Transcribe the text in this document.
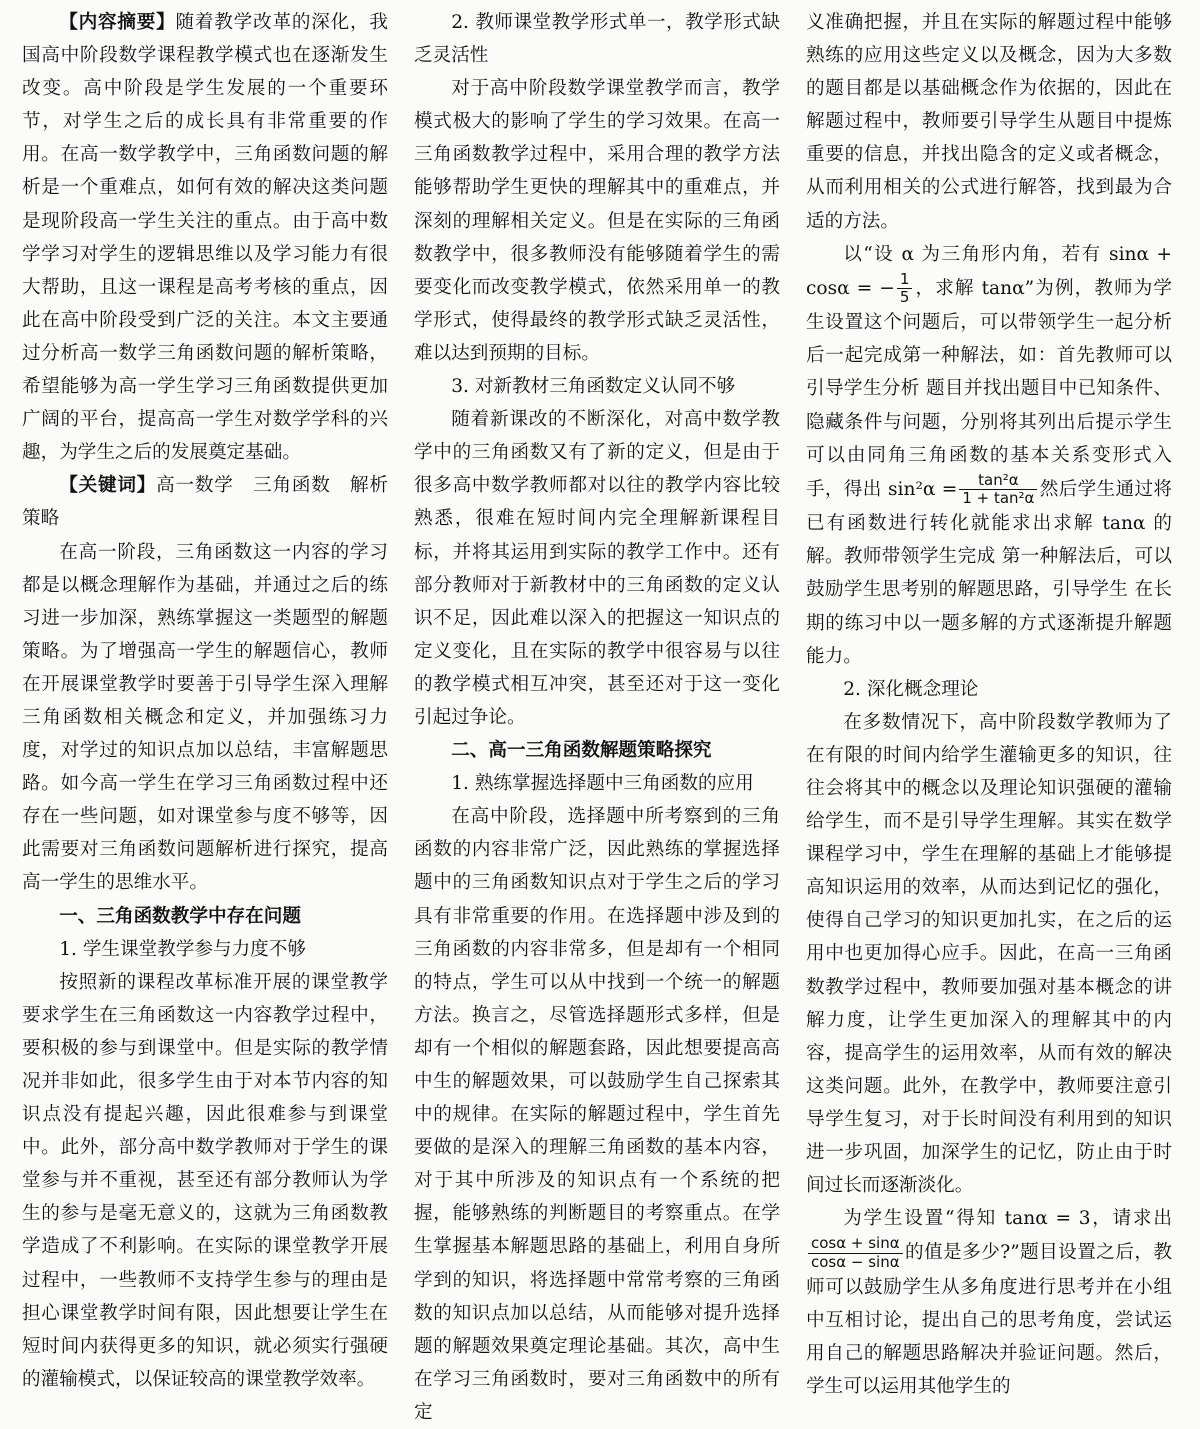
【内容摘要】随着教学改革的深化，我国高中阶段数学课程教学模式也在逐渐发生改变。高中阶段是学生发展的一个重要环节，对学生之后的成长具有非常重要的作用。在高一数学教学中，三角函数问题的解析是一个重难点，如何有效的解决这类问题是现阶段高一学生关注的重点。由于高中数学学习对学生的逻辑思维以及学习能力有很大帮助，且这一课程是高考考核的重点，因此在高中阶段受到广泛的关注。本文主要通过分析高一数学三角函数问题的解析策略，希望能够为高一学生学习三角函数提供更加广阔的平台，提高高一学生对数学学科的兴趣，为学生之后的发展奠定基础。

【关键词】高一数学　三角函数　解析策略

在高一阶段，三角函数这一内容的学习都是以概念理解作为基础，并通过之后的练习进一步加深，熟练掌握这一类题型的解题策略。为了增强高一学生的解题信心，教师在开展课堂教学时要善于引导学生深入理解三角函数相关概念和定义，并加强练习力度，对学过的知识点加以总结，丰富解题思路。如今高一学生在学习三角函数过程中还存在一些问题，如对课堂参与度不够等，因此需要对三角函数问题解析进行探究，提高高一学生的思维水平。

一、三角函数教学中存在问题

1. 学生课堂教学参与力度不够

按照新的课程改革标准开展的课堂教学要求学生在三角函数这一内容教学过程中，要积极的参与到课堂中。但是实际的教学情况并非如此，很多学生由于对本节内容的知识点没有提起兴趣，因此很难参与到课堂中。此外，部分高中数学教师对于学生的课堂参与并不重视，甚至还有部分教师认为学生的参与是毫无意义的，这就为三角函数教学造成了不利影响。在实际的课堂教学开展过程中，一些教师不支持学生参与的理由是担心课堂教学时间有限，因此想要让学生在短时间内获得更多的知识，就必须实行强硬的灌输模式，以保证较高的课堂教学效率。

2. 教师课堂教学形式单一，教学形式缺乏灵活性

对于高中阶段数学课堂教学而言，教学模式极大的影响了学生的学习效果。在高一三角函数教学过程中，采用合理的教学方法能够帮助学生更快的理解其中的重难点，并深刻的理解相关定义。但是在实际的三角函数教学中，很多教师没有能够随着学生的需要变化而改变教学模式，依然采用单一的教学形式，使得最终的教学形式缺乏灵活性，难以达到预期的目标。

3. 对新教材三角函数定义认同不够

随着新课改的不断深化，对高中数学教学中的三角函数又有了新的定义，但是由于很多高中数学教师都对以往的教学内容比较熟悉，很难在短时间内完全理解新课程目标，并将其运用到实际的教学工作中。还有部分教师对于新教材中的三角函数的定义认识不足，因此难以深入的把握这一知识点的定义变化，且在实际的教学中很容易与以往的教学模式相互冲突，甚至还对于这一变化引起过争论。

二、高一三角函数解题策略探究

1. 熟练掌握选择题中三角函数的应用

在高中阶段，选择题中所考察到的三角函数的内容非常广泛，因此熟练的掌握选择题中的三角函数知识点对于学生之后的学习具有非常重要的作用。在选择题中涉及到的三角函数的内容非常多，但是却有一个相同的特点，学生可以从中找到一个统一的解题方法。换言之，尽管选择题形式多样，但是却有一个相似的解题套路，因此想要提高高中生的解题效果，可以鼓励学生自己探索其中的规律。在实际的解题过程中，学生首先要做的是深入的理解三角函数的基本内容，对于其中所涉及的知识点有一个系统的把握，能够熟练的判断题目的考察重点。在学生掌握基本解题思路的基础上，利用自身所学到的知识，将选择题中常常考察的三角函数的知识点加以总结，从而能够对提升选择题的解题效果奠定理论基础。其次，高中生在学习三角函数时，要对三角函数中的所有定

义准确把握，并且在实际的解题过程中能够熟练的应用这些定义以及概念，因为大多数的题目都是以基础概念作为依据的，因此在解题过程中，教师要引导学生从题目中提炼重要的信息，并找出隐含的定义或者概念，从而利用相关的公式进行解答，找到最为合适的方法。

以“设 α 为三角形内角，若有 sinα + cosα = − $\frac{1}{5}$ ，求解 tanα”为例，教师为学生设置这个问题后，可以带领学生一起分析后一起完成第一种解法，如：首先教师可以引导学生分析 题目并找出题目中已知条件、隐藏条件与问题，分别将其列出后提示学生可以由同角三角函数的基本关系变形式入手，得出 $\sin^2\alpha = \frac{\text{tan²α}}{\text{1 + tan²α}}$ 然后学生通过将已有函数进行转化就能求出求解 tanα 的解。教师带领学生完成 第一种解法后，可以鼓励学生思考别的解题思路，引导学生 在长期的练习中以一题多解的方式逐渐提升解题能力。

2. 深化概念理论

在多数情况下，高中阶段数学教师为了在有限的时间内给学生灌输更多的知识，往往会将其中的概念以及理论知识强硬的灌输给学生，而不是引导学生理解。其实在数学课程学习中，学生在理解的基础上才能够提高知识运用的效率，从而达到记忆的强化，使得自己学习的知识更加扎实，在之后的运用中也更加得心应手。因此，在高一三角函数教学过程中，教师要加强对基本概念的讲解力度，让学生更加深入的理解其中的内容，提高学生的运用效率，从而有效的解决这类问题。此外，在教学中，教师要注意引导学生复习，对于长时间没有利用到的知识进一步巩固，加深学生的记忆，防止由于时间过长而逐渐淡化。

为学生设置“得知 tanα = 3，请求出
$\frac{\cos\alpha + \sin\alpha}{\cos\alpha - \sin\alpha}$ 的值是多少?”题目设置之后，教师可以鼓励学生从多角度进行思考并在小组中互相讨论，提出自己的思考角度，尝试运用自己的解题思路解决并验证问题。然后，学生可以运用其他学生的
